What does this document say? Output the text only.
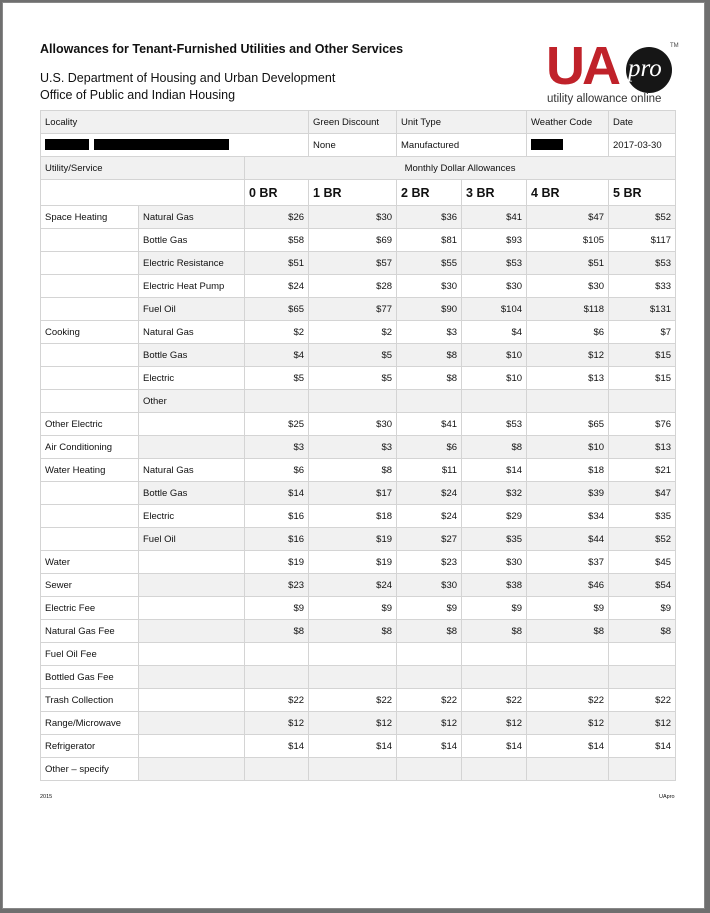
Allowances for Tenant-Furnished Utilities and Other Services
U.S. Department of Housing and Urban Development
Office of Public and Indian Housing	UA pro
TM
utility allowance online
Locality			Green Discount	Unit Type		Weather Code	Date
			None	Manufactured			2017-03-30
Utility/Service		Monthly Dollar Allowances					
		0 BR	1 BR	2 BR	3 BR	4 BR	5 BR
Space Heating	Natural Gas	$26	$30	$36	$41	$47	$52
	Bottle Gas	$58	$69	$81	$93	$105	$117
	Electric Resistance	$51	$57	$55	$53	$51	$53
	Electric Heat Pump	$24	$28	$30	$30	$30	$33
	Fuel Oil	$65	$77	$90	$104	$118	$131
Cooking	Natural Gas	$2	$2	$3	$4	$6	$7
	Bottle Gas	$4	$5	$8	$10	$12	$15
	Electric	$5	$5	$8	$10	$13	$15
	Other						
Other Electric		$25	$30	$41	$53	$65	$76
Air Conditioning		$3	$3	$6	$8	$10	$13
Water Heating	Natural Gas	$6	$8	$11	$14	$18	$21
	Bottle Gas	$14	$17	$24	$32	$39	$47
	Electric	$16	$18	$24	$29	$34	$35
	Fuel Oil	$16	$19	$27	$35	$44	$52
Water		$19	$19	$23	$30	$37	$45
Sewer		$23	$24	$30	$38	$46	$54
Electric Fee		$9	$9	$9	$9	$9	$9
Natural Gas Fee		$8	$8	$8	$8	$8	$8
Fuel Oil Fee							
Bottled Gas Fee							
Trash Collection		$22	$22	$22	$22	$22	$22
Range/Microwave		$12	$12	$12	$12	$12	$12
Refrigerator		$14	$14	$14	$14	$14	$14
Other – specify							
2015	UApro
